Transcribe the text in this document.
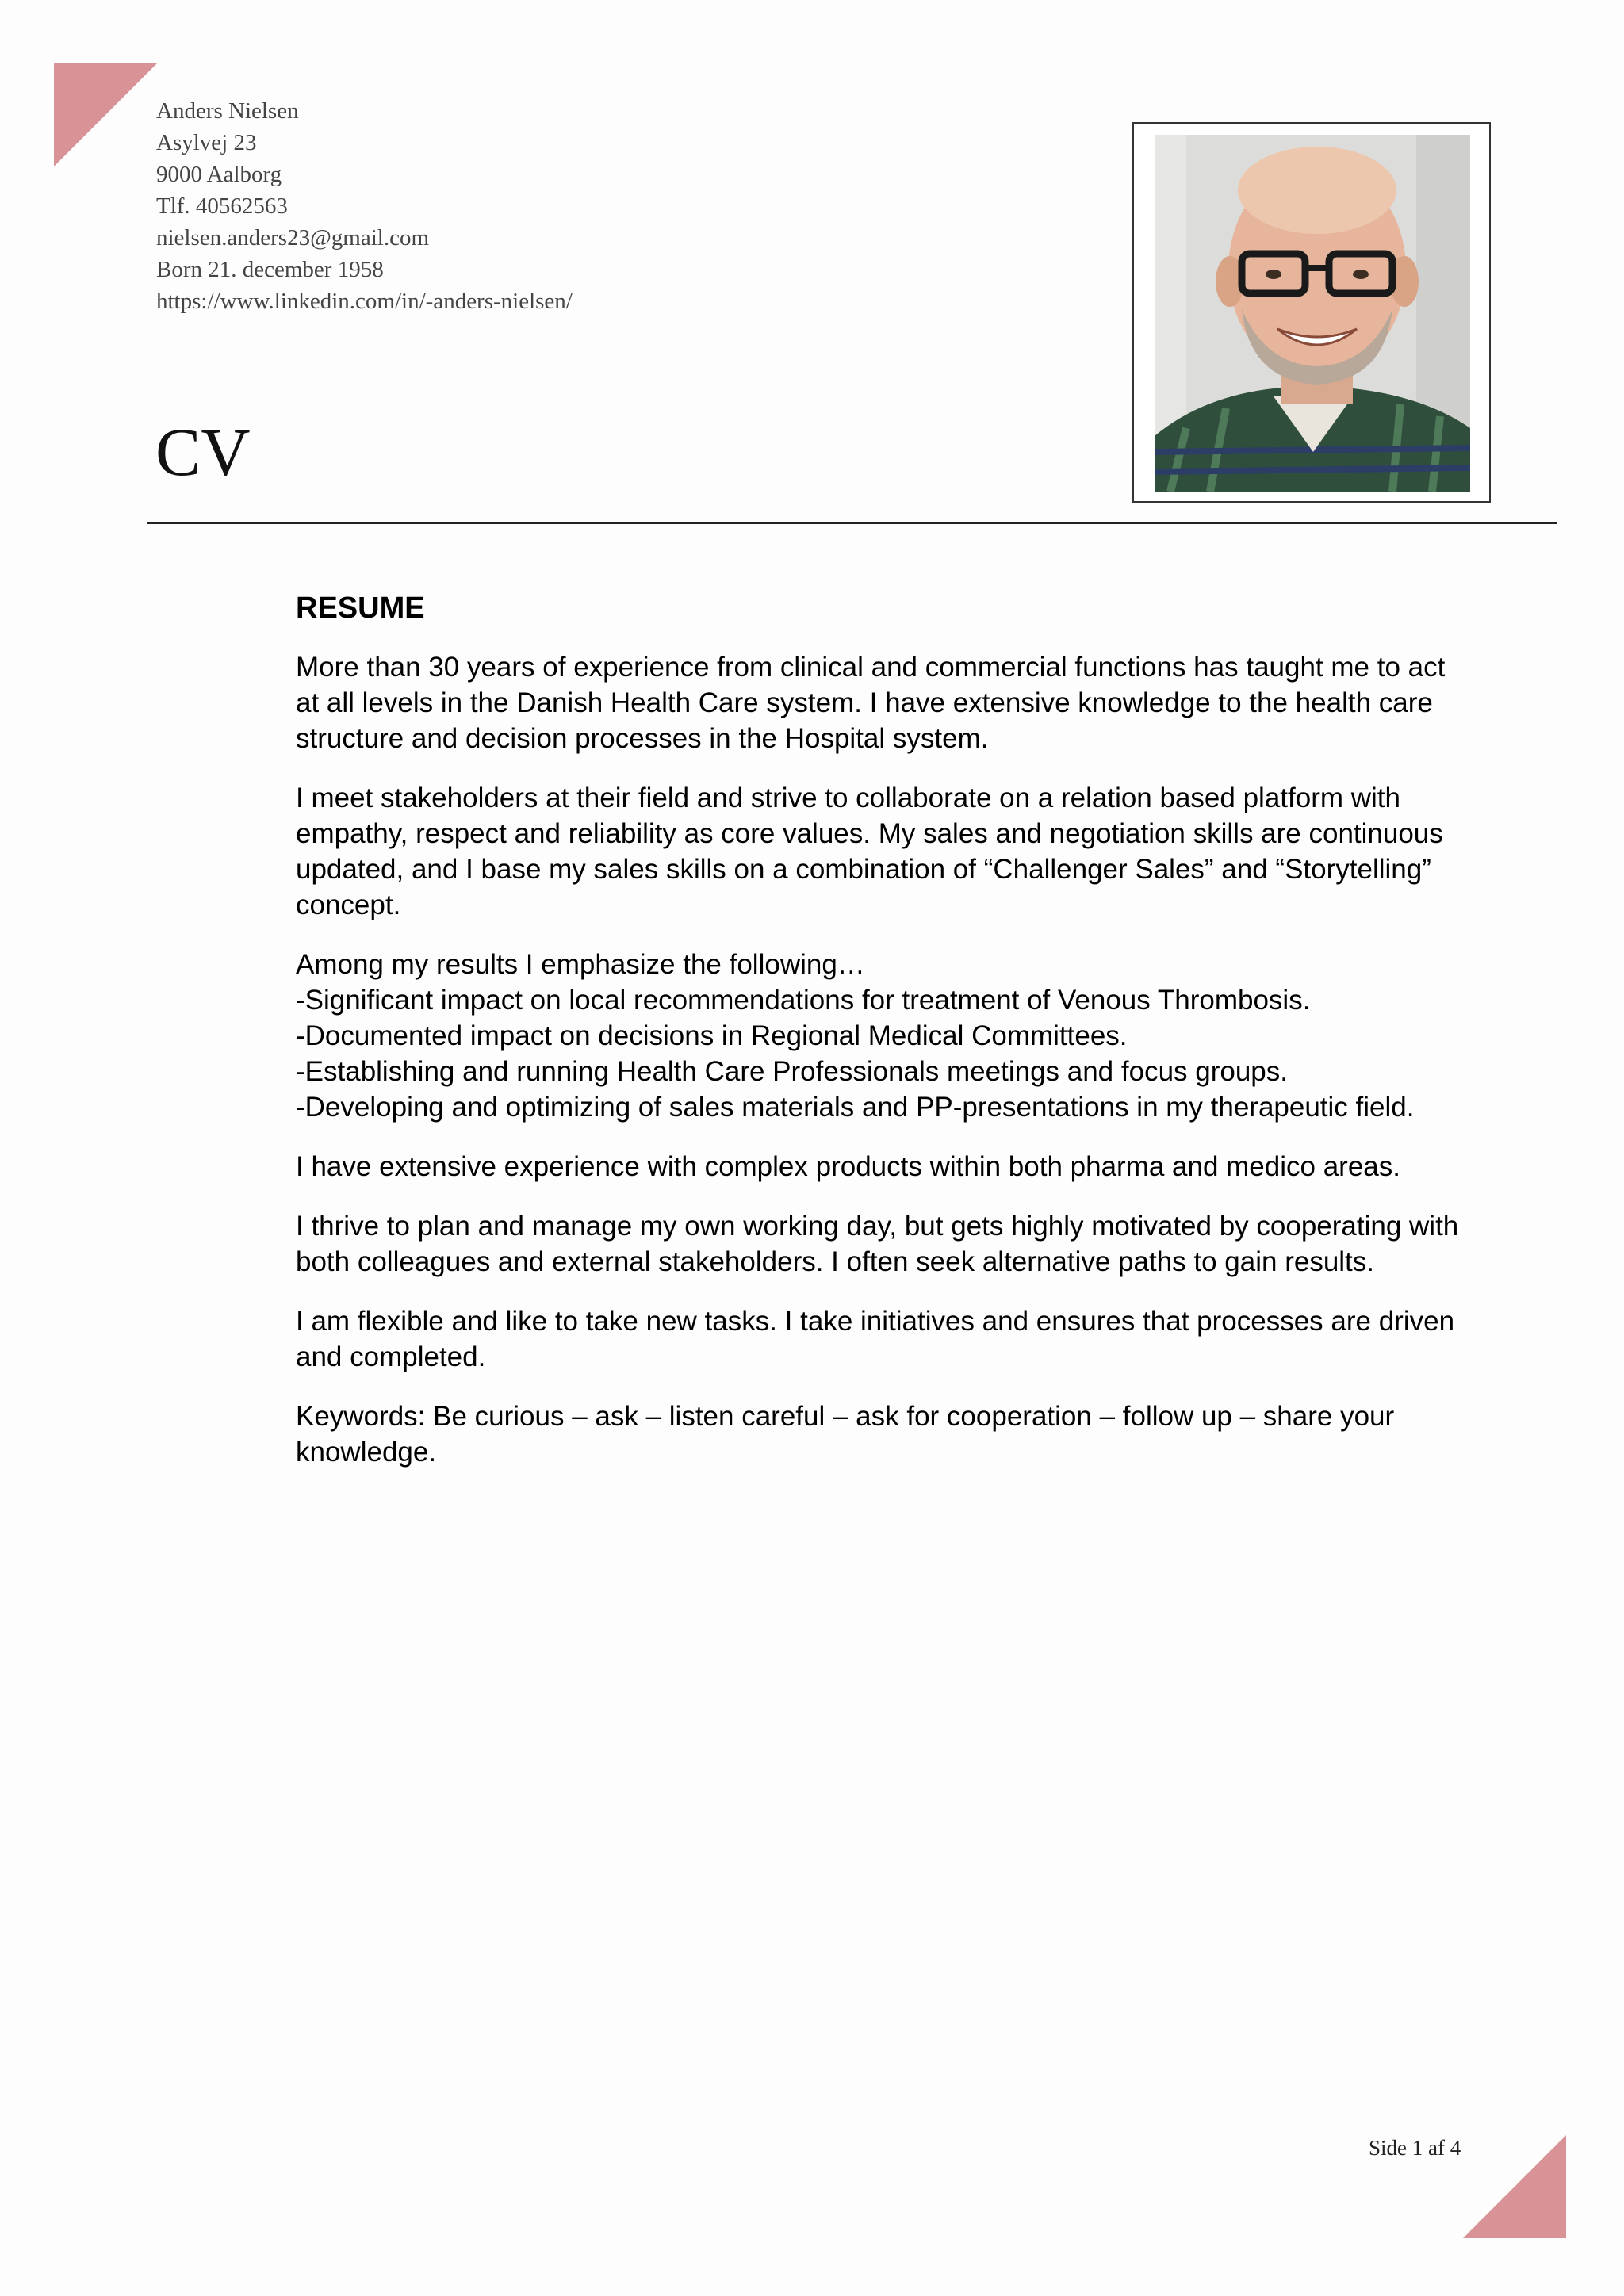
Anders Nielsen
Asylvej 23
9000 Aalborg
Tlf. 40562563
nielsen.anders23@gmail.com
Born 21. december 1958
https://www.linkedin.com/in/-anders-nielsen/
CV
RESUME

More than 30 years of experience from clinical and commercial functions has taught me to act at all levels in the Danish Health Care system. I have extensive knowledge to the health care structure and decision processes in the Hospital system.

I meet stakeholders at their field and strive to collaborate on a relation based platform with empathy, respect and reliability as core values. My sales and negotiation skills are continuous updated, and I base my sales skills on a combination of “Challenger Sales” and “Storytelling” concept.

Among my results I emphasize the following…
-Significant impact on local recommendations for treatment of Venous Thrombosis.
-Documented impact on decisions in Regional Medical Committees.
-Establishing and running Health Care Professionals meetings and focus groups.
-Developing and optimizing of sales materials and PP-presentations in my therapeutic field.

I have extensive experience with complex products within both pharma and medico areas.

I thrive to plan and manage my own working day, but gets highly motivated by cooperating with both colleagues and external stakeholders. I often seek alternative paths to gain results.

I am flexible and like to take new tasks. I take initiatives and ensures that processes are driven and completed.

Keywords: Be curious – ask – listen careful – ask for cooperation – follow up – share your knowledge.

Side 1 af 4
